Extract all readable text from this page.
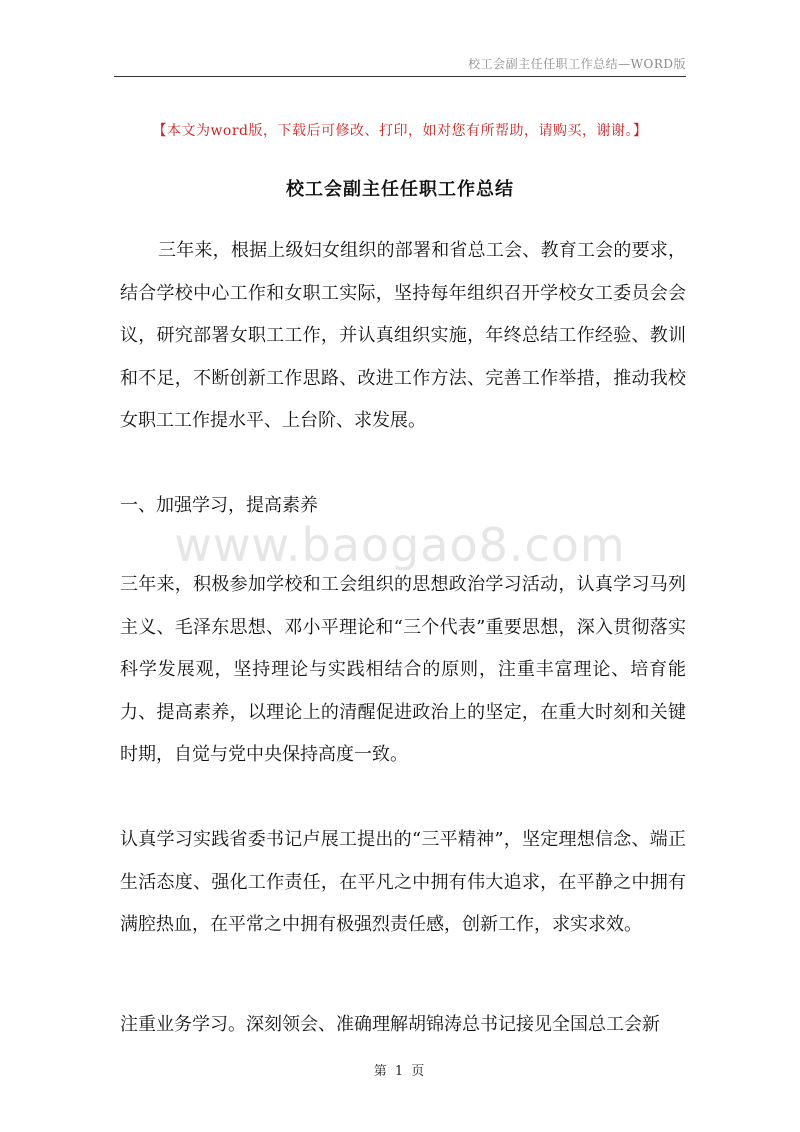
校工会副主任任职工作总结—WORD版
【本文为word版，下载后可修改、打印，如对您有所帮助，请购买，谢谢。】
校工会副主任任职工作总结
www.baogao8.com

三年来，根据上级妇女组织的部署和省总工会、教育工会的要求，结合学校中心工作和女职工实际，坚持每年组织召开学校女工委员会会议，研究部署女职工工作，并认真组织实施，年终总结工作经验、教训和不足，不断创新工作思路、改进工作方法、完善工作举措，推动我校女职工工作提水平、上台阶、求发展。

一、加强学习，提高素养

三年来，积极参加学校和工会组织的思想政治学习活动，认真学习马列主义、毛泽东思想、邓小平理论和“三个代表”重要思想，深入贯彻落实科学发展观，坚持理论与实践相结合的原则，注重丰富理论、培育能力、提高素养，以理论上的清醒促进政治上的坚定，在重大时刻和关键时期，自觉与党中央保持高度一致。

认真学习实践省委书记卢展工提出的“三平精神”，坚定理想信念、端正生活态度、强化工作责任，在平凡之中拥有伟大追求，在平静之中拥有满腔热血，在平常之中拥有极强烈责任感，创新工作，求实求效。

注重业务学习。深刻领会、准确理解胡锦涛总书记接见全国总工会新

第 1 页
